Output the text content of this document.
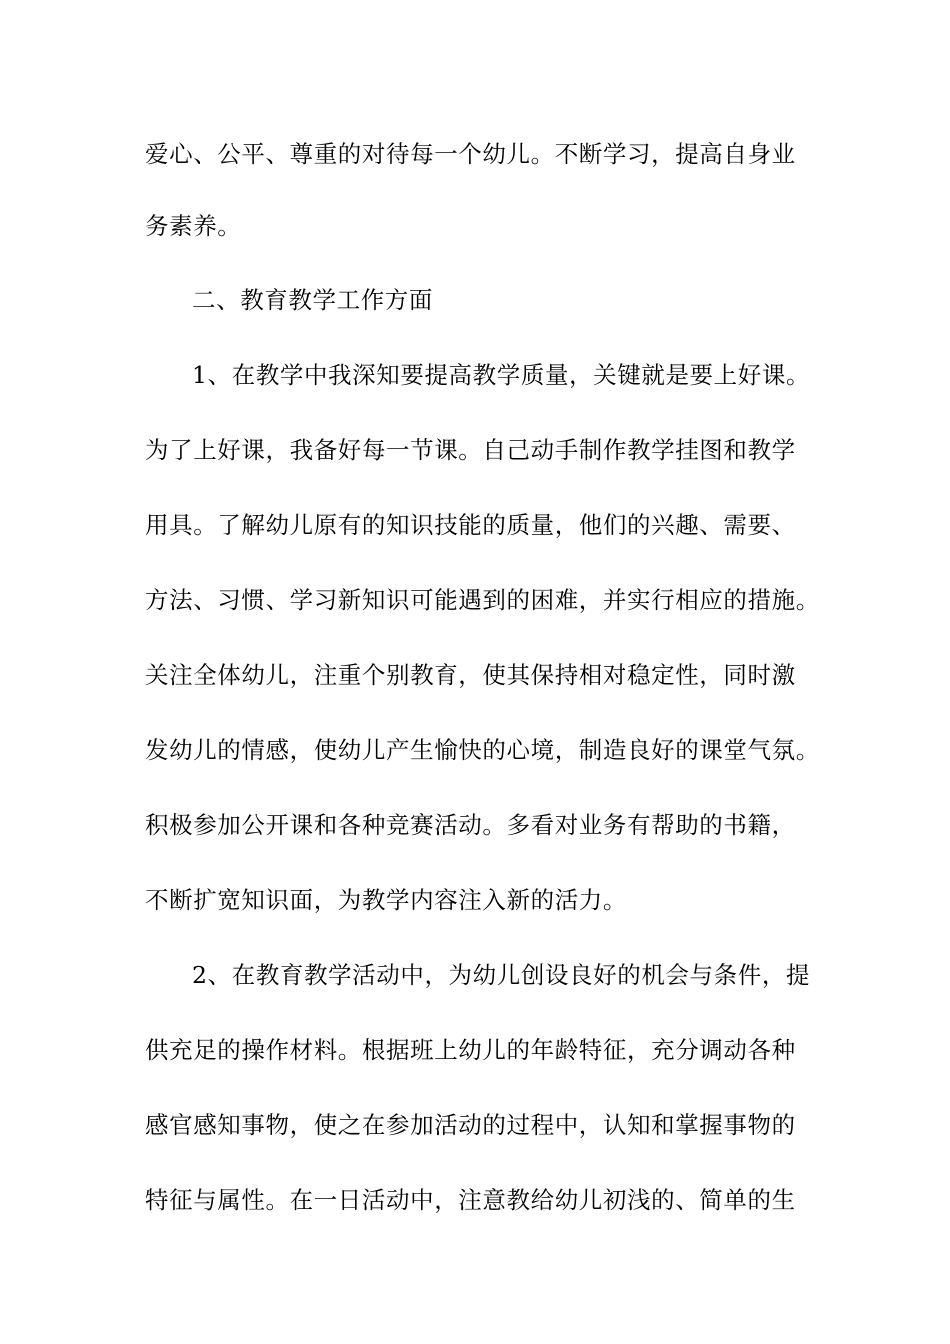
爱心、公平、尊重的对待每一个幼儿。不断学习，提高自身业
务素养。
二、教育教学工作方面
1、在教学中我深知要提高教学质量，关键就是要上好课。
为了上好课，我备好每一节课。自己动手制作教学挂图和教学
用具。了解幼儿原有的知识技能的质量，他们的兴趣、需要、
方法、习惯、学习新知识可能遇到的困难，并实行相应的措施。
关注全体幼儿，注重个别教育，使其保持相对稳定性，同时激
发幼儿的情感，使幼儿产生愉快的心境，制造良好的课堂气氛。
积极参加公开课和各种竞赛活动。多看对业务有帮助的书籍，
不断扩宽知识面，为教学内容注入新的活力。
2、在教育教学活动中，为幼儿创设良好的机会与条件，提
供充足的操作材料。根据班上幼儿的年龄特征，充分调动各种
感官感知事物，使之在参加活动的过程中，认知和掌握事物的
特征与属性。在一日活动中，注意教给幼儿初浅的、简单的生
